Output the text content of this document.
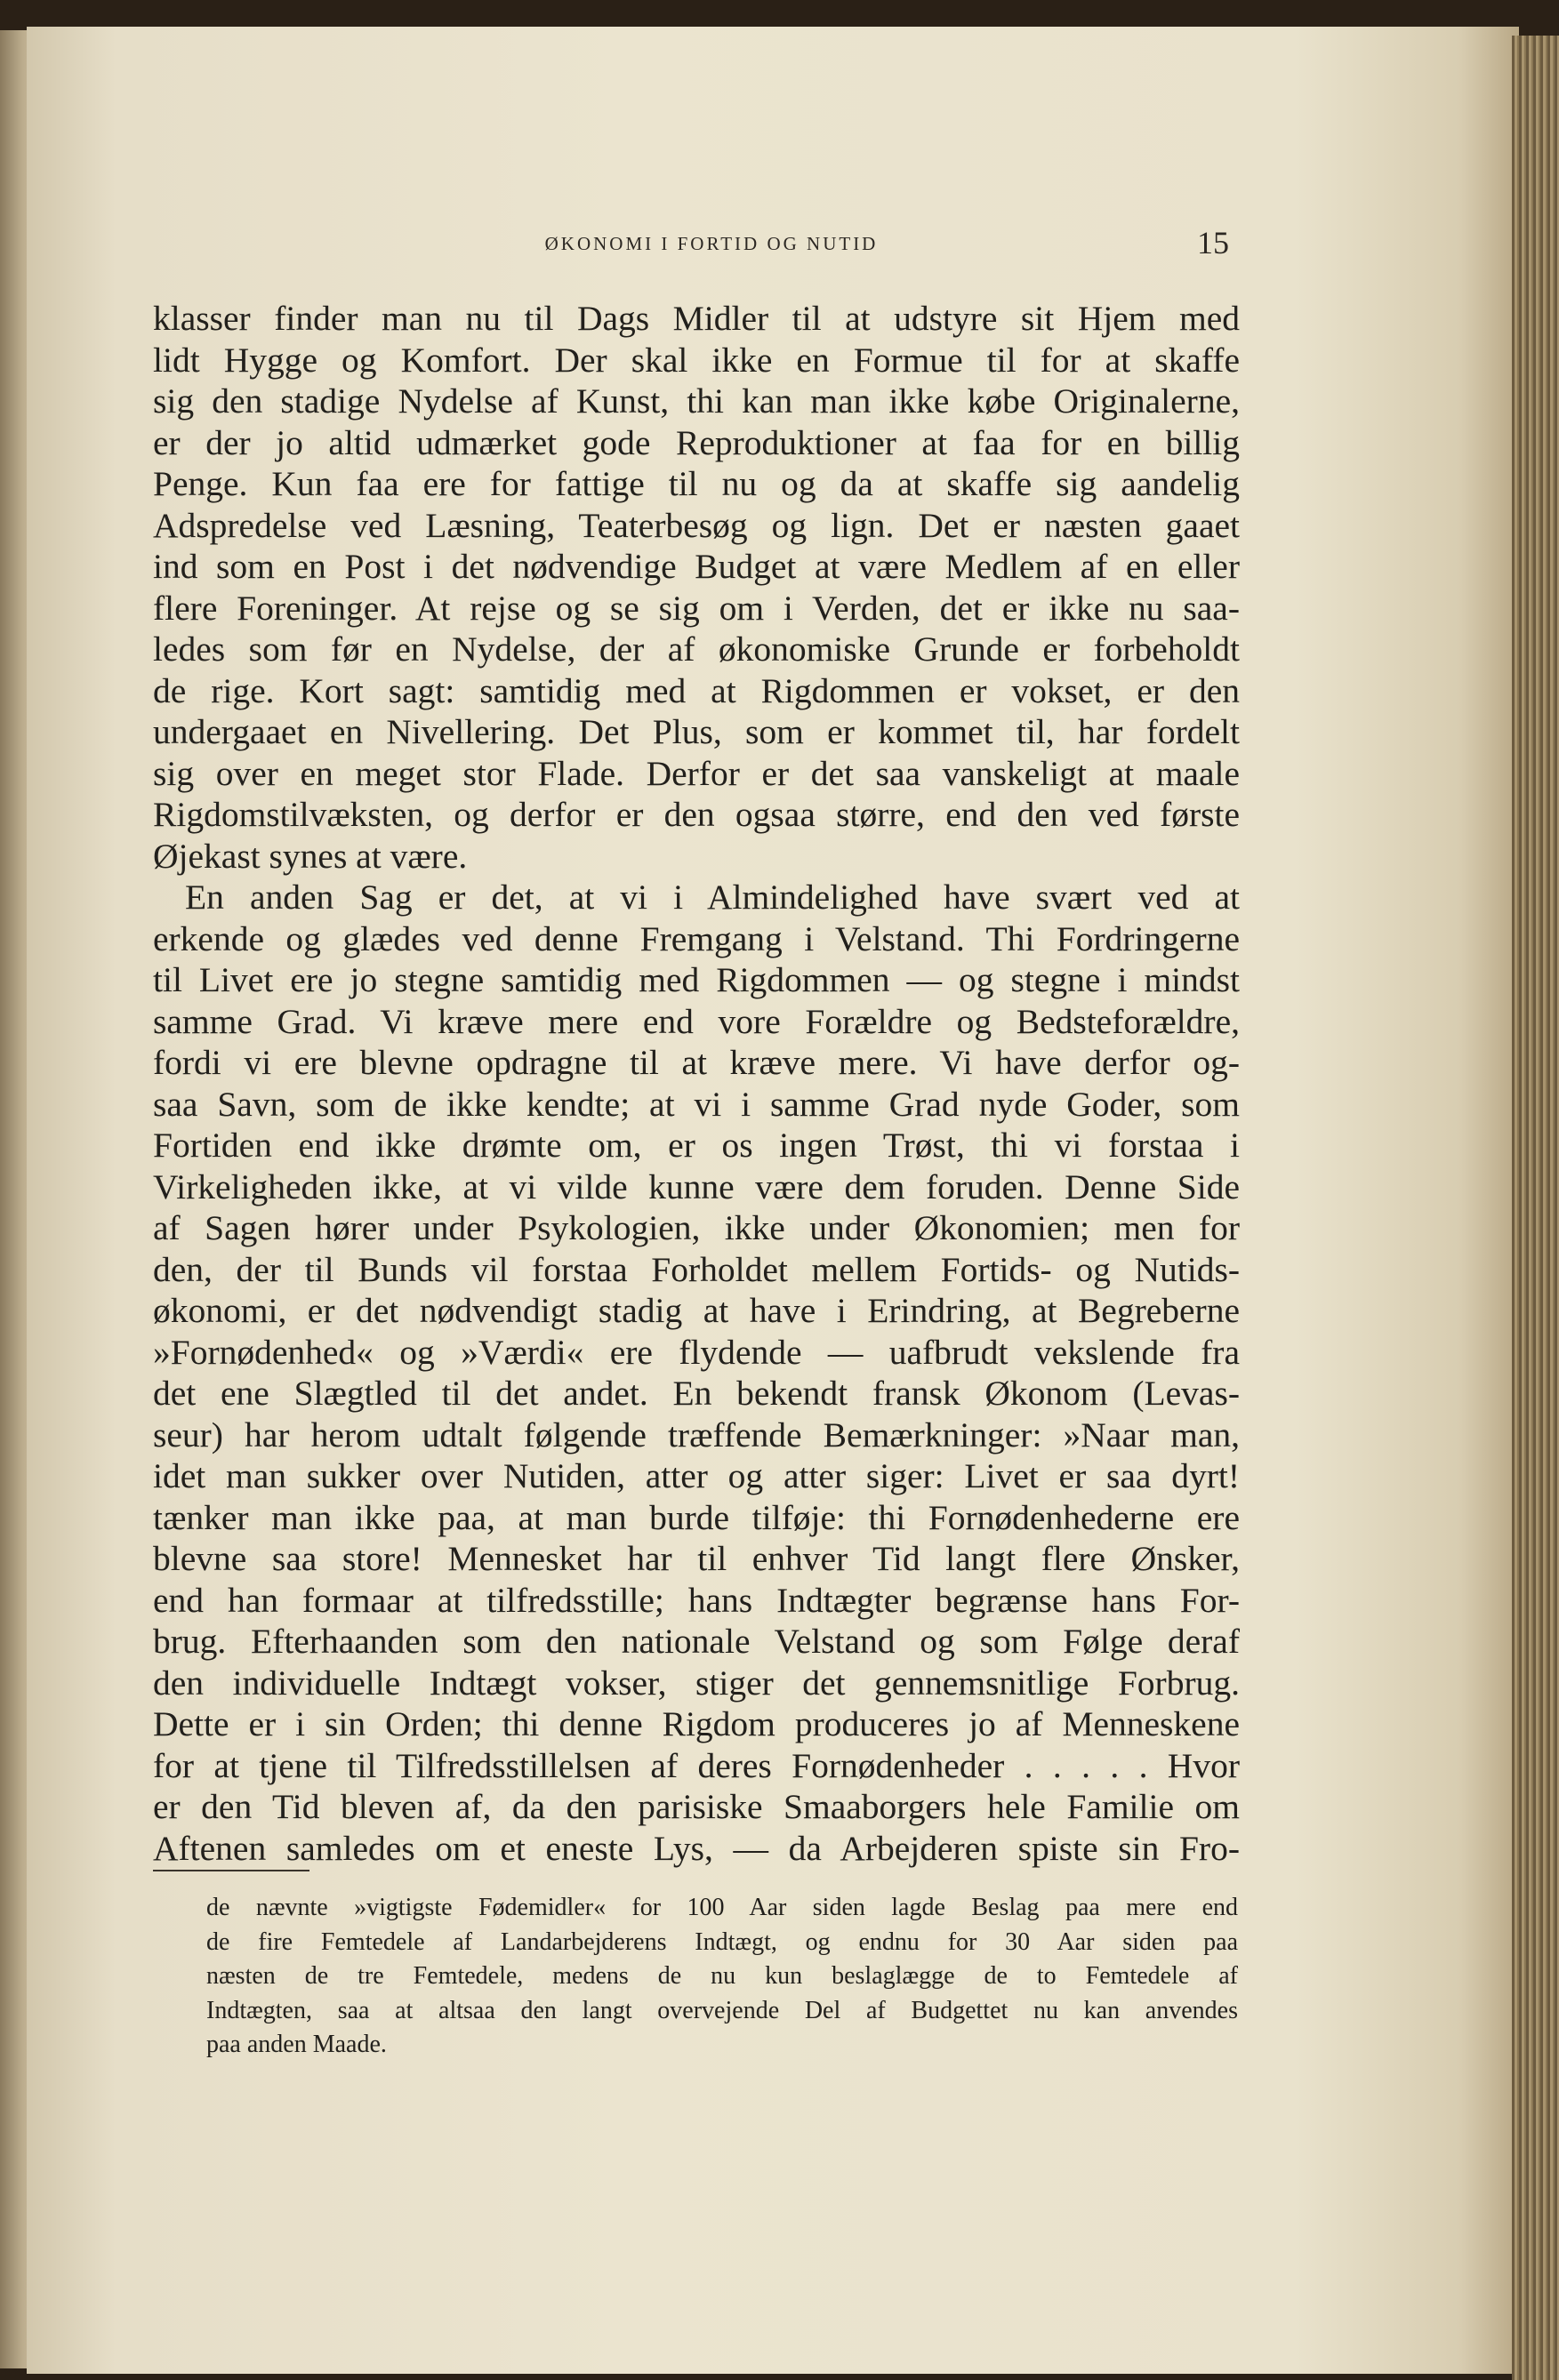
ØKONOMI I FORTID OG NUTID	15
klasser finder man nu til Dags Midler til at udstyre sit Hjem med
lidt Hygge og Komfort. Der skal ikke en Formue til for at skaffe
sig den stadige Nydelse af Kunst, thi kan man ikke købe Originalerne,
er der jo altid udmærket gode Reproduktioner at faa for en billig
Penge. Kun faa ere for fattige til nu og da at skaffe sig aandelig
Adspredelse ved Læsning, Teaterbesøg og lign. Det er næsten gaaet
ind som en Post i det nødvendige Budget at være Medlem af en eller
flere Foreninger. At rejse og se sig om i Verden, det er ikke nu saa-
ledes som før en Nydelse, der af økonomiske Grunde er forbeholdt
de rige. Kort sagt: samtidig med at Rigdommen er vokset, er den
undergaaet en Nivellering. Det Plus, som er kommet til, har fordelt
sig over en meget stor Flade. Derfor er det saa vanskeligt at maale
Rigdomstilvæksten, og derfor er den ogsaa større, end den ved første
Øjekast synes at være.
En anden Sag er det, at vi i Almindelighed have svært ved at
erkende og glædes ved denne Fremgang i Velstand. Thi Fordringerne
til Livet ere jo stegne samtidig med Rigdommen — og stegne i mindst
samme Grad. Vi kræve mere end vore Forældre og Bedsteforældre,
fordi vi ere blevne opdragne til at kræve mere. Vi have derfor og-
saa Savn, som de ikke kendte; at vi i samme Grad nyde Goder, som
Fortiden end ikke drømte om, er os ingen Trøst, thi vi forstaa i
Virkeligheden ikke, at vi vilde kunne være dem foruden. Denne Side
af Sagen hører under Psykologien, ikke under Økonomien; men for
den, der til Bunds vil forstaa Forholdet mellem Fortids- og Nutids-
økonomi, er det nødvendigt stadig at have i Erindring, at Begreberne
»Fornødenhed« og »Værdi« ere flydende — uafbrudt vekslende fra
det ene Slægtled til det andet. En bekendt fransk Økonom (Levas-
seur) har herom udtalt følgende træffende Bemærkninger: »Naar man,
idet man sukker over Nutiden, atter og atter siger: Livet er saa dyrt!
tænker man ikke paa, at man burde tilføje: thi Fornødenhederne ere
blevne saa store! Mennesket har til enhver Tid langt flere Ønsker,
end han formaar at tilfredsstille; hans Indtægter begrænse hans For-
brug. Efterhaanden som den nationale Velstand og som Følge deraf
den individuelle Indtægt vokser, stiger det gennemsnitlige Forbrug.
Dette er i sin Orden; thi denne Rigdom produceres jo af Menneskene
for at tjene til Tilfredsstillelsen af deres Fornødenheder . . . . . Hvor
er den Tid bleven af, da den parisiske Smaaborgers hele Familie om
Aftenen samledes om et eneste Lys, — da Arbejderen spiste sin Fro-
de nævnte »vigtigste Fødemidler« for 100 Aar siden lagde Beslag paa mere end
de fire Femtedele af Landarbejderens Indtægt, og endnu for 30 Aar siden paa
næsten de tre Femtedele, medens de nu kun beslaglægge de to Femtedele af
Indtægten, saa at altsaa den langt overvejende Del af Budgettet nu kan anvendes
paa anden Maade.
